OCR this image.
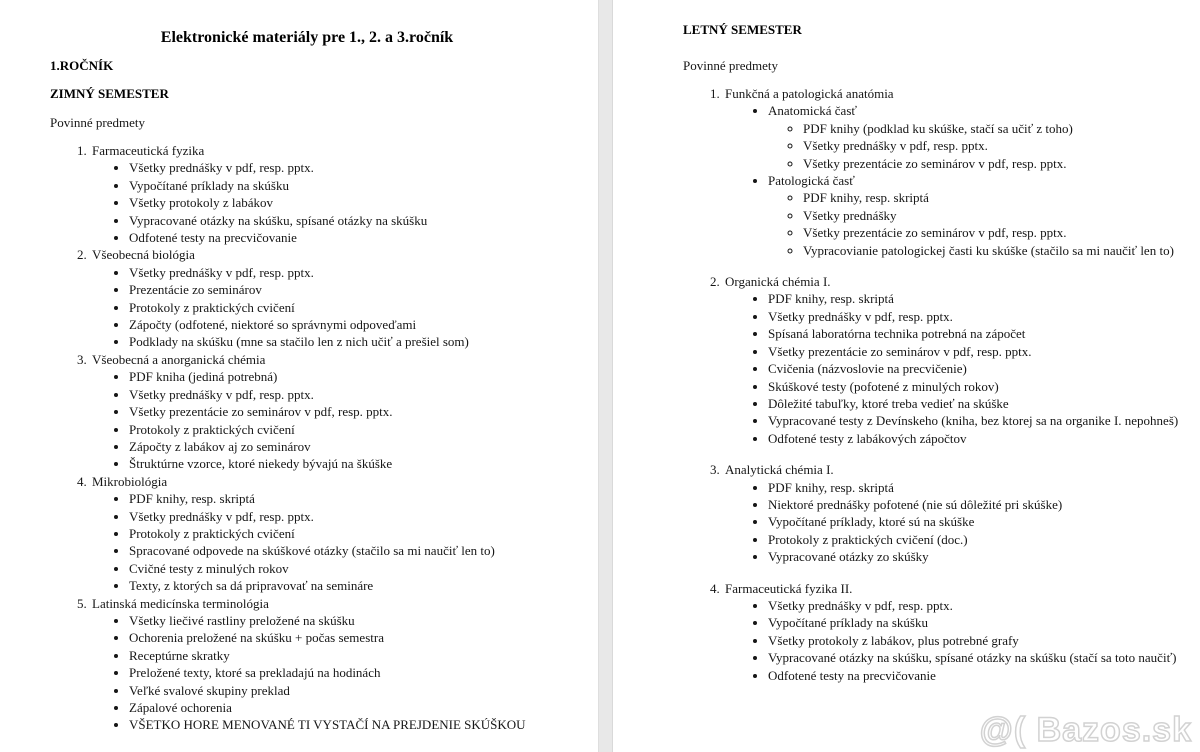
Elektronické materiály pre 1., 2. a 3.ročník
1.ROČNÍK
ZIMNÝ SEMESTER
Povinné predmety
1. Farmaceutická fyzika
• Všetky prednášky v pdf, resp. pptx.
• Vypočítané príklady na skúšku
• Všetky protokoly z labákov
• Vypracované otázky na skúšku, spísané otázky na skúšku
• Odfotené testy na precvičovanie
2. Všeobecná biológia
• Všetky prednášky v pdf, resp. pptx.
• Prezentácie zo seminárov
• Protokoly z praktických cvičení
• Zápočty (odfotené, niektoré so správnymi odpoveďami
• Podklady na skúšku (mne sa stačilo len z nich učiť a prešiel som)
3. Všeobecná a anorganická chémia
• PDF kniha (jediná potrebná)
• Všetky prednášky v pdf, resp. pptx.
• Všetky prezentácie zo seminárov v pdf, resp. pptx.
• Protokoly z praktických cvičení
• Zápočty z labákov aj zo seminárov
• Štruktúrne vzorce, ktoré niekedy bývajú na škúške
4. Mikrobiológia
• PDF knihy, resp. skriptá
• Všetky prednášky v pdf, resp. pptx.
• Protokoly z praktických cvičení
• Spracované odpovede na skúškové otázky (stačilo sa mi naučiť len to)
• Cvičné testy z minulých rokov
• Texty, z ktorých sa dá pripravovať na semináre
5. Latinská medicínska terminológia
• Všetky liečivé rastliny preložené na skúšku
• Ochorenia preložené na skúšku + počas semestra
• Receptúrne skratky
• Preložené texty, ktoré sa prekladajú na hodinách
• Veľké svalové skupiny preklad
• Zápalové ochorenia
• VŠETKO HORE MENOVANÉ TI VYSTAČÍ NA PREJDENIE SKÚŠKOU
LETNÝ SEMESTER
Povinné predmety
1. Funkčná a patologická anatómia
• Anatomická časť
◦ PDF knihy (podklad ku skúške, stačí sa učiť z toho)
◦ Všetky prednášky v pdf, resp. pptx.
◦ Všetky prezentácie zo seminárov v pdf, resp. pptx.
• Patologická časť
◦ PDF knihy, resp. skriptá
◦ Všetky prednášky
◦ Všetky prezentácie zo seminárov v pdf, resp. pptx.
◦ Vypracovianie patologickej časti ku skúške (stačilo sa mi naučiť len to)
2. Organická chémia I.
• PDF knihy, resp. skriptá
• Všetky prednášky v pdf, resp. pptx.
• Spísaná laboratórna technika potrebná na zápočet
• Všetky prezentácie zo seminárov v pdf, resp. pptx.
• Cvičenia (názvoslovie na precvičenie)
• Skúškové testy (pofotené z minulých rokov)
• Dôležité tabuľky, ktoré treba vedieť na skúške
• Vypracované testy z Devínskeho (kniha, bez ktorej sa na organike I. nepohneš)
• Odfotené testy z labákových zápočtov
3. Analytická chémia I.
• PDF knihy, resp. skriptá
• Niektoré prednášky pofotené (nie sú dôležité pri skúške)
• Vypočítané príklady, ktoré sú na skúške
• Protokoly z praktických cvičení (doc.)
• Vypracované otázky zo skúšky
4. Farmaceutická fyzika II.
• Všetky prednášky v pdf, resp. pptx.
• Vypočítané príklady na skúšku
• Všetky protokoly z labákov, plus potrebné grafy
• Vypracované otázky na skúšku, spísané otázky na skúšku (stačí sa toto naučiť)
• Odfotené testy na precvičovanie
@( Bazos.sk
